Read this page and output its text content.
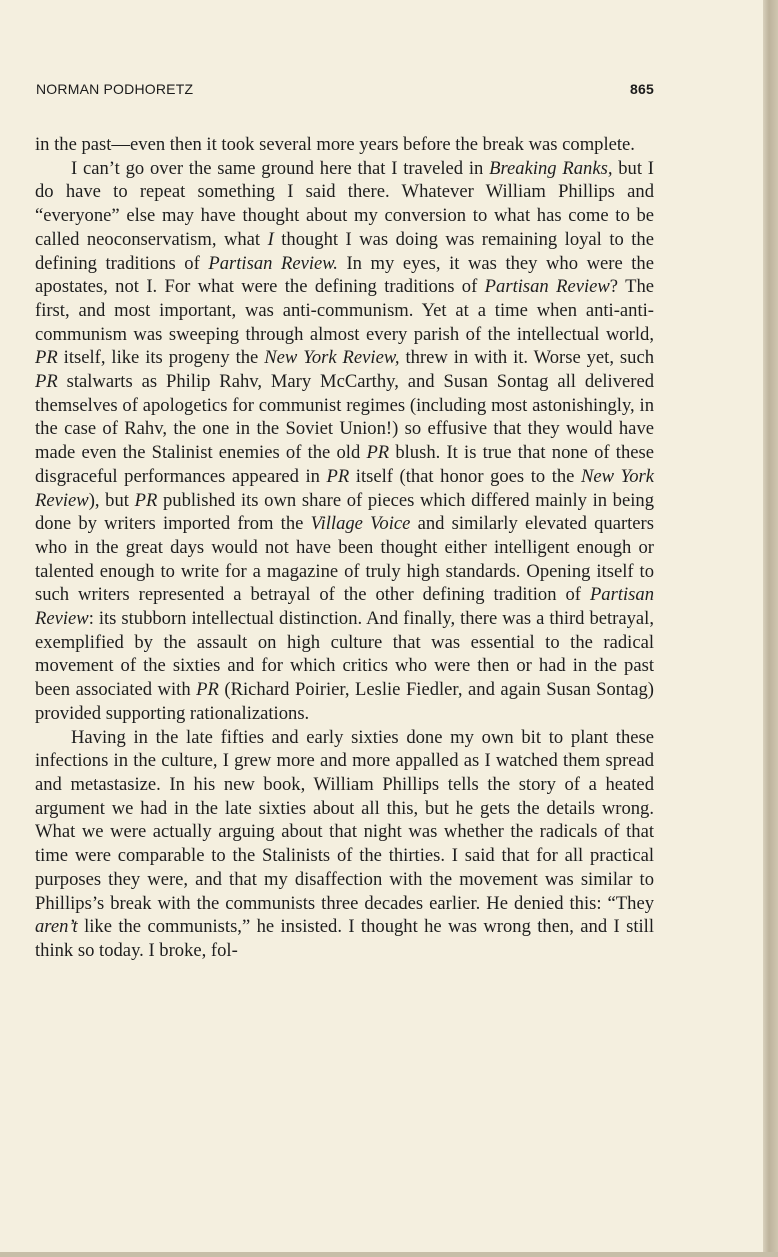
NORMAN PODHORETZ	865

in the past—even then it took several more years before the break was complete.

I can’t go over the same ground here that I traveled in Breaking Ranks, but I do have to repeat something I said there. Whatever William Phillips and “everyone” else may have thought about my conversion to what has come to be called neoconservatism, what I thought I was doing was remaining loyal to the defining traditions of Partisan Review. In my eyes, it was they who were the apostates, not I. For what were the defining traditions of Partisan Review? The first, and most important, was anti-communism. Yet at a time when anti-anti-communism was sweeping through almost every parish of the intellectual world, PR itself, like its progeny the New York Review, threw in with it. Worse yet, such PR stalwarts as Philip Rahv, Mary McCarthy, and Susan Sontag all delivered themselves of apologetics for communist regimes (including most astonishingly, in the case of Rahv, the one in the Soviet Union!) so effusive that they would have made even the Stalinist enemies of the old PR blush. It is true that none of these disgraceful performances appeared in PR itself (that honor goes to the New York Review), but PR published its own share of pieces which differed mainly in being done by writers imported from the Village Voice and similarly elevated quarters who in the great days would not have been thought either intelligent enough or talented enough to write for a magazine of truly high standards. Opening itself to such writers represented a betrayal of the other defining tradition of Partisan Review: its stubborn intellectual distinction. And finally, there was a third betrayal, exemplified by the assault on high culture that was essential to the radical movement of the sixties and for which critics who were then or had in the past been associated with PR (Richard Poirier, Leslie Fiedler, and again Susan Sontag) provided supporting rationalizations.

Having in the late fifties and early sixties done my own bit to plant these infections in the culture, I grew more and more appalled as I watched them spread and metastasize. In his new book, William Phillips tells the story of a heated argument we had in the late sixties about all this, but he gets the details wrong. What we were actually arguing about that night was whether the radicals of that time were comparable to the Stalinists of the thirties. I said that for all practical purposes they were, and that my disaffection with the movement was similar to Phillips’s break with the communists three decades earlier. He denied this: “They aren’t like the communists,” he insisted. I thought he was wrong then, and I still think so today. I broke, fol-
